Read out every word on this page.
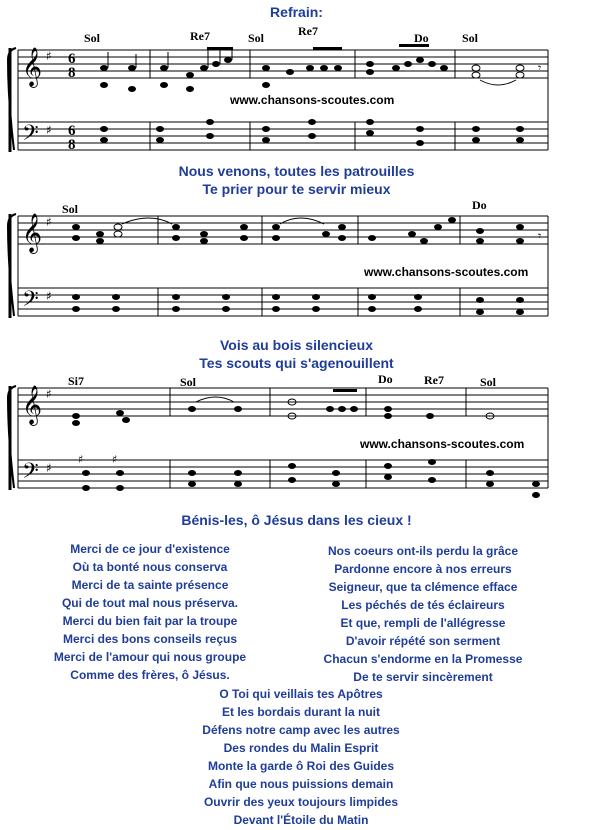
Refrain:
𝄞
𝄢
♯
♯
6
8
6
8
𝄾
𝄞
𝄢
♯
♯
𝄾
𝄞
𝄢
♯
♯
♯	♯
Sol	Re7	Sol	Re7	Do	Sol
Sol	Do
Si7	Sol	Do	Re7	Sol
www.chansons-scoutes.com
www.chansons-scoutes.com
www.chansons-scoutes.com
Nous venons, toutes les patrouilles
Te prier pour te servir mieux
Vois au bois silencieux
Tes scouts qui s'agenouillent
Bénis-les, ô Jésus dans les cieux !
Merci de ce jour d'existence
Où ta bonté nous conserva
Merci de ta sainte présence
Qui de tout mal nous préserva.
Merci du bien fait par la troupe
Merci des bons conseils reçus
Merci de l'amour qui nous groupe
Comme des frères, ô Jésus.
Nos coeurs ont-ils perdu la grâce
Pardonne encore à nos erreurs
Seigneur, que ta clémence efface
Les péchés de tés éclaireurs
Et que, rempli de l'allégresse
D'avoir répété son serment
Chacun s'endorme en la Promesse
De te servir sincèrement
O Toi qui veillais tes Apôtres
Et les bordais durant la nuit
Défens notre camp avec les autres
Des rondes du Malin Esprit
Monte la garde ô Roi des Guides
Afin que nous puissions demain
Ouvrir des yeux toujours limpides
Devant l'Étoile du Matin
